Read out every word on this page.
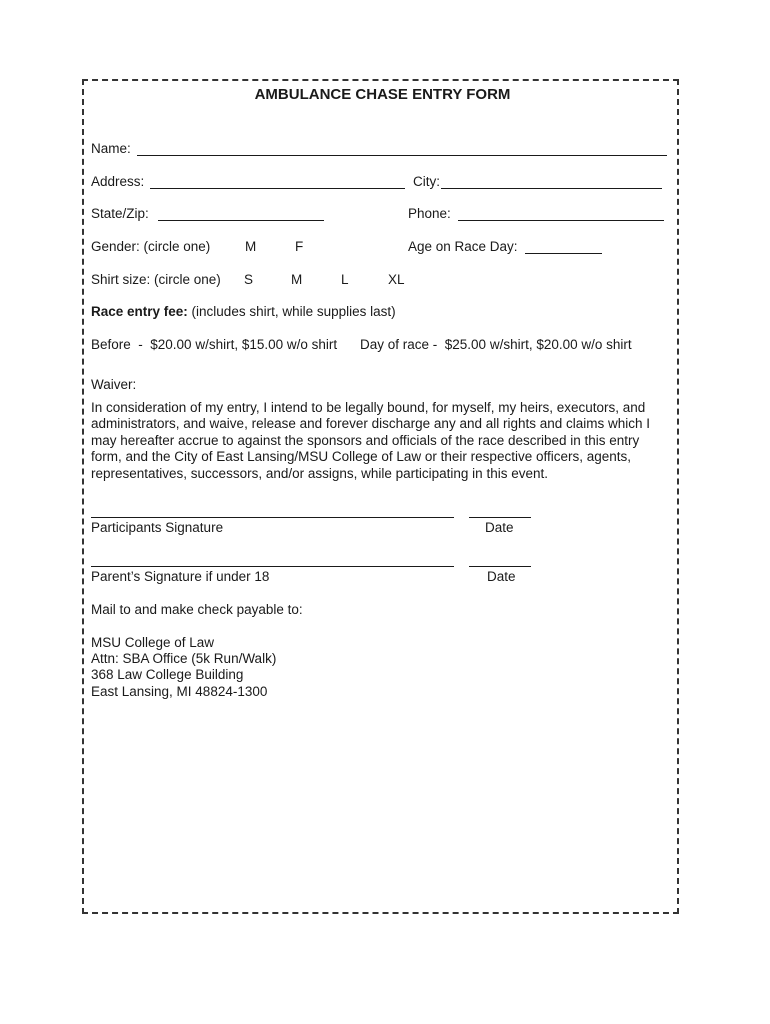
AMBULANCE CHASE ENTRY FORM
Name:
Address:	City:
State/Zip:	Phone:
Gender: (circle one)	M	F	Age on Race Day:
Shirt size: (circle one) S	M	L	XL
Race entry fee: (includes shirt, while supplies last)
Before  -  $20.00 w/shirt, $15.00 w/o shirt Day of race -  $25.00 w/shirt, $20.00 w/o shirt
Waiver:
In consideration of my entry, I intend to be legally bound, for myself, my heirs, executors, and administrators, and waive, release and forever discharge any and all rights and claims which I may hereafter accrue to against the sponsors and officials of the race described in this entry form, and the City of East Lansing/MSU College of Law or their respective officers, agents, representatives, successors, and/or assigns, while participating in this event.
Participants Signature	Date
Parent’s Signature if under 18	Date
Mail to and make check payable to:
MSU College of Law
Attn: SBA Office (5k Run/Walk)
368 Law College Building
East Lansing, MI 48824-1300
